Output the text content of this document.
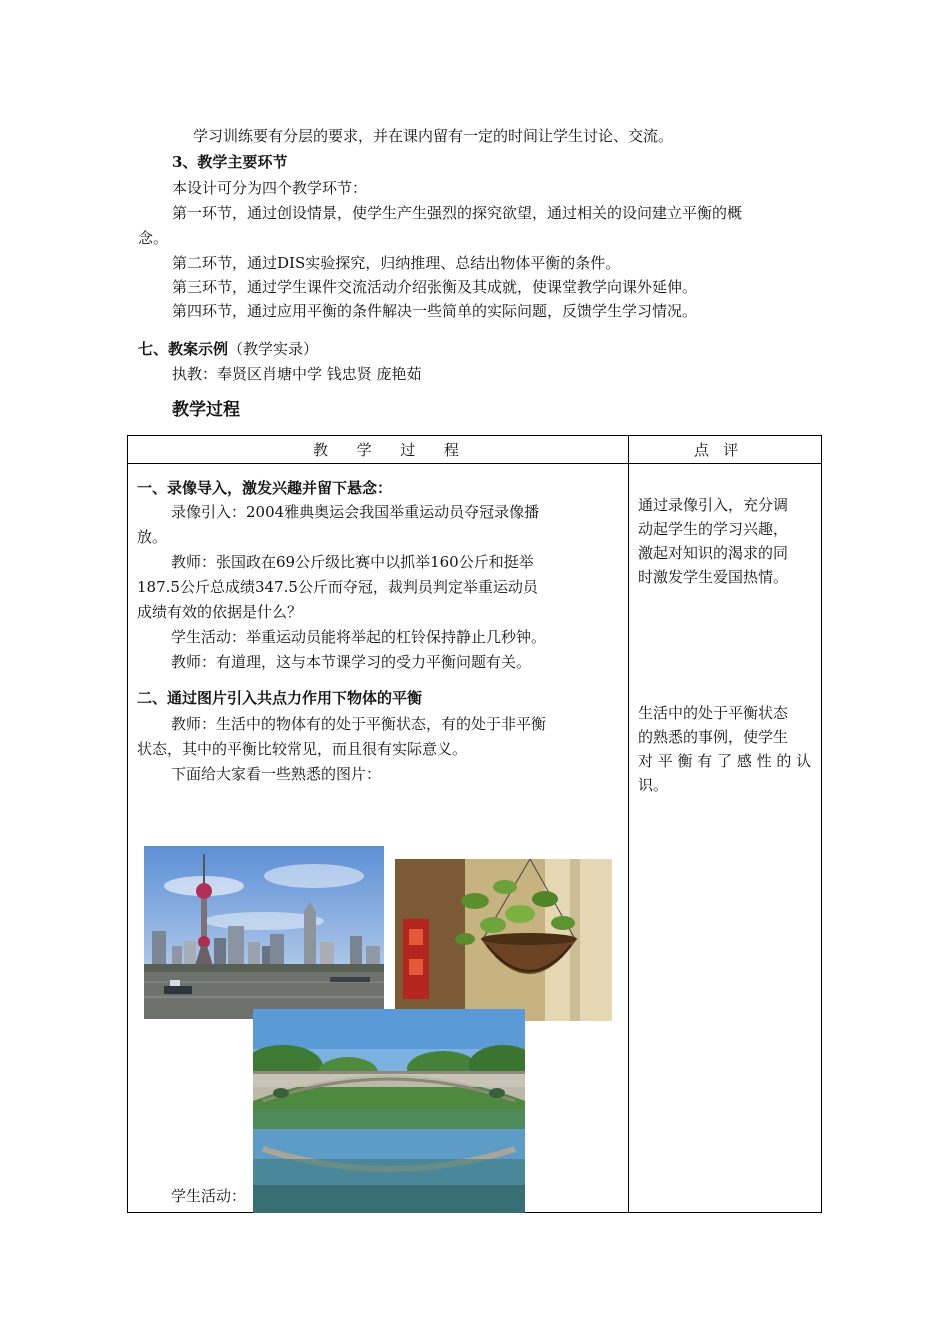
学习训练要有分层的要求，并在课内留有一定的时间让学生讨论、交流。
3、教学主要环节
本设计可分为四个教学环节：
第一环节，通过创设情景，使学生产生强烈的探究欲望，通过相关的设问建立平衡的概
念。
第二环节，通过DIS实验探究，归纳推理、总结出物体平衡的条件。
第三环节，通过学生课件交流活动介绍张衡及其成就，使课堂教学向课外延伸。
第四环节，通过应用平衡的条件解决一些简单的实际问题，反馈学生学习情况。
七、教案示例（教学实录）
执教：奉贤区肖塘中学 钱忠贤 庞艳茹
教学过程
教      学      过      程	点   评
一、录像导入，激发兴趣并留下悬念：
录像引入：2004雅典奥运会我国举重运动员夺冠录像播
放。
教师：张国政在69公斤级比赛中以抓举160公斤和挺举
187.5公斤总成绩347.5公斤而夺冠，裁判员判定举重运动员
成绩有效的依据是什么？
学生活动：举重运动员能将举起的杠铃保持静止几秒钟。
教师：有道理，这与本节课学习的受力平衡问题有关。
二、通过图片引入共点力作用下物体的平衡
教师：生活中的物体有的处于平衡状态，有的处于非平衡
状态，其中的平衡比较常见，而且很有实际意义。
下面给大家看一些熟悉的图片：
学生活动：
通过录像引入，充分调
动起学生的学习兴趣，
激起对知识的渴求的同
时激发学生爱国热情。
生活中的处于平衡状态
的熟悉的事例，使学生
对 平 衡 有 了 感 性 的 认
识。
